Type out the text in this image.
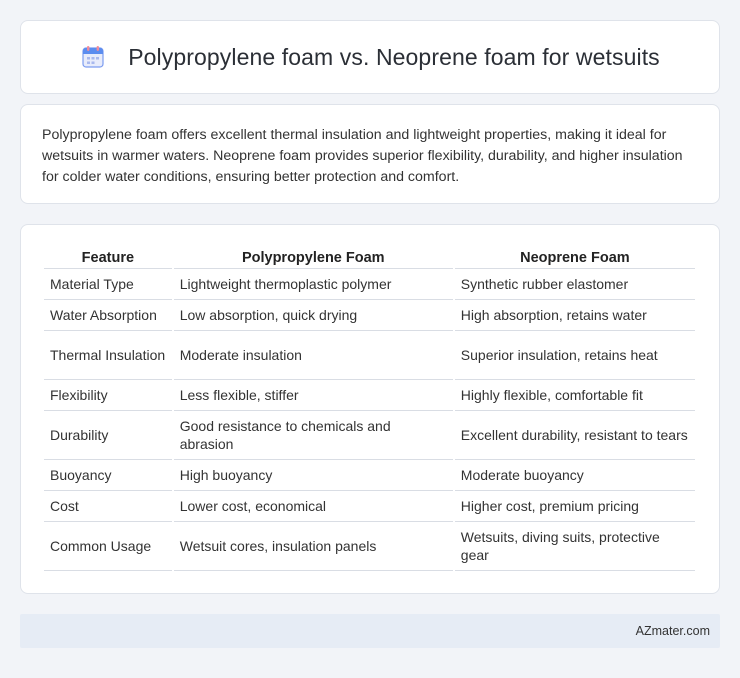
Polypropylene foam vs. Neoprene foam for wetsuits

Polypropylene foam offers excellent thermal insulation and lightweight properties, making it ideal for wetsuits in warmer waters. Neoprene foam provides superior flexibility, durability, and higher insulation for colder water conditions, ensuring better protection and comfort.

Feature	Polypropylene Foam	Neoprene Foam
Material Type	Lightweight thermoplastic polymer	Synthetic rubber elastomer
Water Absorption	Low absorption, quick drying	High absorption, retains water
Thermal Insulation	Moderate insulation	Superior insulation, retains heat
Flexibility	Less flexible, stiffer	Highly flexible, comfortable fit
Durability	Good resistance to chemicals and abrasion	Excellent durability, resistant to tears
Buoyancy	High buoyancy	Moderate buoyancy
Cost	Lower cost, economical	Higher cost, premium pricing
Common Usage	Wetsuit cores, insulation panels	Wetsuits, diving suits, protective gear
AZmater.com
